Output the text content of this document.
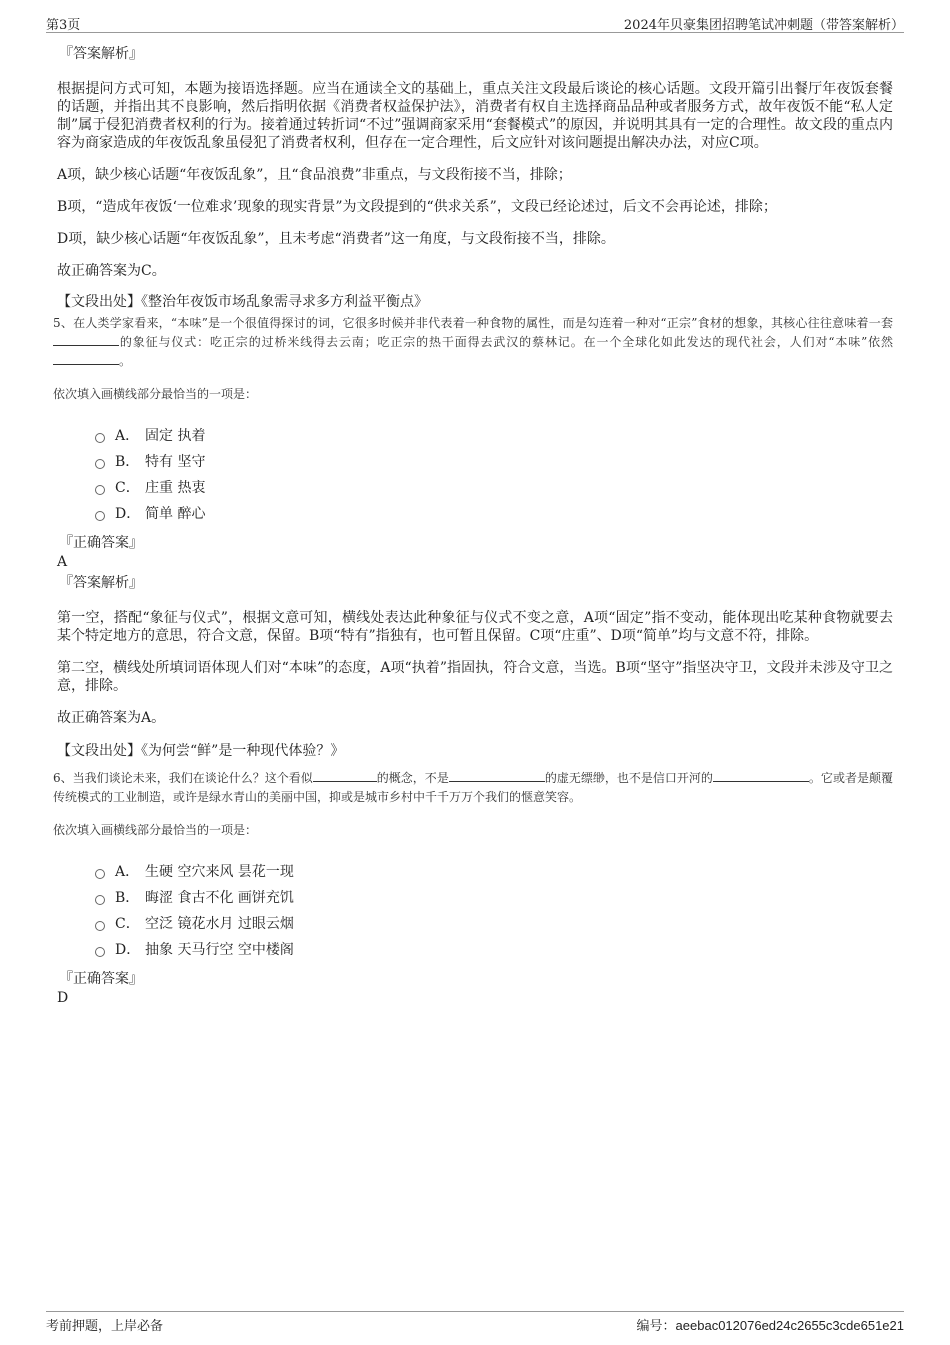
第3页	2024年贝豪集团招聘笔试冲刺题（带答案解析）
『答案解析』

根据提问方式可知，本题为接语选择题。应当在通读全文的基础上，重点关注文段最后谈论的核心话题。文段开篇引出餐厅年夜饭套餐的话题，并指出其不良影响，然后指明依据《消费者权益保护法》，消费者有权自主选择商品品种或者服务方式，故年夜饭不能“私人定制”属于侵犯消费者权利的行为。接着通过转折词“不过”强调商家采用“套餐模式”的原因，并说明其具有一定的合理性。故文段的重点内容为商家造成的年夜饭乱象虽侵犯了消费者权利，但存在一定合理性，后文应针对该问题提出解决办法，对应C项。

A项，缺少核心话题“年夜饭乱象”，且“食品浪费”非重点，与文段衔接不当，排除；

B项，“造成年夜饭‘一位难求’现象的现实背景”为文段提到的“供求关系”，文段已经论述过，后文不会再论述，排除；

D项，缺少核心话题“年夜饭乱象”，且未考虑“消费者”这一角度，与文段衔接不当，排除。

故正确答案为C。

【文段出处】《整治年夜饭市场乱象需寻求多方利益平衡点》

5、在人类学家看来，“本味”是一个很值得探讨的词，它很多时候并非代表着一种食物的属性，而是勾连着一种对“正宗”食材的想象，其核心往往意味着一套的象征与仪式：吃正宗的过桥米线得去云南；吃正宗的热干面得去武汉的蔡林记。在一个全球化如此发达的现代社会，人们对“本味”依然。

依次填入画横线部分最恰当的一项是：

A． 固定 执着
B． 特有 坚守
C． 庄重 热衷
D． 简单 醉心
『正确答案』
A
『答案解析』

第一空，搭配“象征与仪式”，根据文意可知，横线处表达此种象征与仪式不变之意，A项“固定”指不变动，能体现出吃某种食物就要去某个特定地方的意思，符合文意，保留。B项“特有”指独有，也可暂且保留。C项“庄重”、D项“简单”均与文意不符，排除。

第二空，横线处所填词语体现人们对“本味”的态度，A项“执着”指固执，符合文意，当选。B项“坚守”指坚决守卫，文段并未涉及守卫之意，排除。

故正确答案为A。

【文段出处】《为何尝“鲜”是一种现代体验？》

6、当我们谈论未来，我们在谈论什么？这个看似	的概念，不是	的虚无缥缈，也不是信口开河的	。它或者是颠覆传统模式的工业制造，或许是绿水青山的美丽中国，抑或是城市乡村中千千万万个我们的惬意笑容。

依次填入画横线部分最恰当的一项是：

A． 生硬 空穴来风 昙花一现
B． 晦涩 食古不化 画饼充饥
C． 空泛 镜花水月 过眼云烟
D． 抽象 天马行空 空中楼阁
『正确答案』
D
考前押题，上岸必备	编号：aeebac012076ed24c2655c3cde651e21
